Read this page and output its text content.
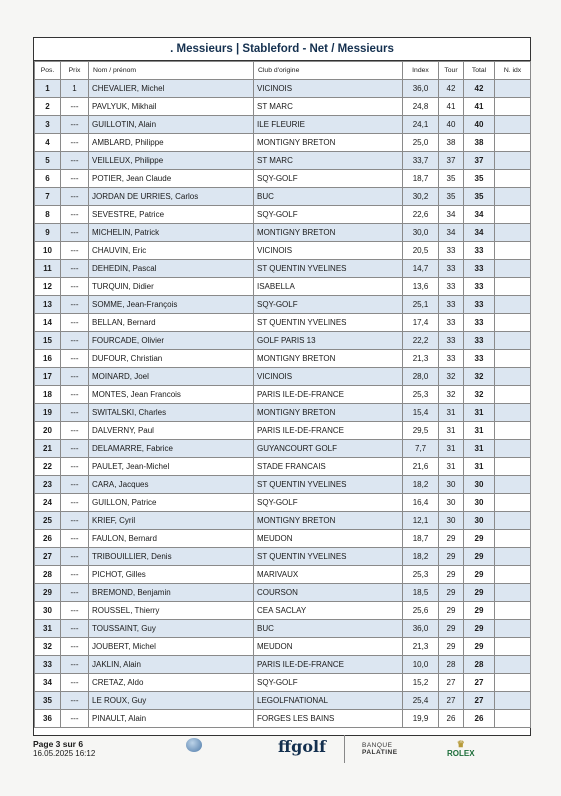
. Messieurs | Stableford - Net / Messieurs
Pos.	Prix	Nom / prénom	Club d'origine	Index	Tour	Total	N. idx
1	1	CHEVALIER, Michel	VICINOIS	36,0	42	42	
2	---	PAVLYUK, Mikhail	ST MARC	24,8	41	41	
3	---	GUILLOTIN, Alain	ILE FLEURIE	24,1	40	40	
4	---	AMBLARD, Philippe	MONTIGNY BRETON	25,0	38	38	
5	---	VEILLEUX, Philippe	ST MARC	33,7	37	37	
6	---	POTIER, Jean Claude	SQY-GOLF	18,7	35	35	
7	---	JORDAN DE URRIES, Carlos	BUC	30,2	35	35	
8	---	SEVESTRE, Patrice	SQY-GOLF	22,6	34	34	
9	---	MICHELIN, Patrick	MONTIGNY BRETON	30,0	34	34	
10	---	CHAUVIN, Eric	VICINOIS	20,5	33	33	
11	---	DEHEDIN, Pascal	ST QUENTIN YVELINES	14,7	33	33	
12	---	TURQUIN, Didier	ISABELLA	13,6	33	33	
13	---	SOMME, Jean-François	SQY-GOLF	25,1	33	33	
14	---	BELLAN, Bernard	ST QUENTIN YVELINES	17,4	33	33	
15	---	FOURCADE, Olivier	GOLF PARIS 13	22,2	33	33	
16	---	DUFOUR, Christian	MONTIGNY BRETON	21,3	33	33	
17	---	MOINARD, Joel	VICINOIS	28,0	32	32	
18	---	MONTES, Jean Francois	PARIS ILE-DE-FRANCE	25,3	32	32	
19	---	SWITALSKI, Charles	MONTIGNY BRETON	15,4	31	31	
20	---	DALVERNY, Paul	PARIS ILE-DE-FRANCE	29,5	31	31	
21	---	DELAMARRE, Fabrice	GUYANCOURT GOLF	7,7	31	31	
22	---	PAULET, Jean-Michel	STADE FRANCAIS	21,6	31	31	
23	---	CARA, Jacques	ST QUENTIN YVELINES	18,2	30	30	
24	---	GUILLON, Patrice	SQY-GOLF	16,4	30	30	
25	---	KRIEF, Cyril	MONTIGNY BRETON	12,1	30	30	
26	---	FAULON, Bernard	MEUDON	18,7	29	29	
27	---	TRIBOUILLIER, Denis	ST QUENTIN YVELINES	18,2	29	29	
28	---	PICHOT, Gilles	MARIVAUX	25,3	29	29	
29	---	BREMOND, Benjamin	COURSON	18,5	29	29	
30	---	ROUSSEL, Thierry	CEA SACLAY	25,6	29	29	
31	---	TOUSSAINT, Guy	BUC	36,0	29	29	
32	---	JOUBERT, Michel	MEUDON	21,3	29	29	
33	---	JAKLIN, Alain	PARIS ILE-DE-FRANCE	10,0	28	28	
34	---	CRETAZ, Aldo	SQY-GOLF	15,2	27	27	
35	---	LE ROUX, Guy	LEGOLFNATIONAL	25,4	27	27	
36	---	PINAULT, Alain	FORGES LES BAINS	19,9	26	26	
Page 3 sur 6
16.05.2025 16:12	ffgolf	BANQUE
PALATINE
♛
ROLEX
